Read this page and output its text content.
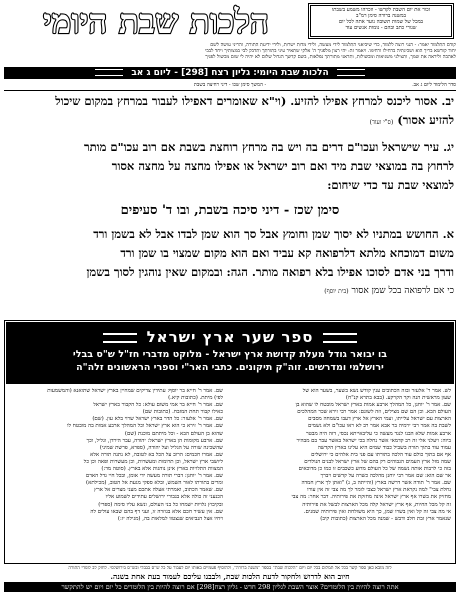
הלכות שבת היומי	זכור את יום השבת לקדשו - וזכרהו משמע בשבתו
במשנה ברורה סימן רמ"ב
במכל של שמות תשובה נוער אתה לכל יום
שגורי כתב ובהם - נומות אנשים עוד
קודם התלמוד יאמר: - הנני רוצה ללמוד, כדי שיביאני התלמוד לידי מעשה, ולידי מדות ישרות, ולידי ידיעת התורה, והריני עושה לשם
יחוד קודשא בריך הוא ושכינתיה בדחילו ורחימו. ויאמר זה: יהי רצון מלפניך ה' אלקי שתאיר עיני בתורתך ותדבק לבי במצותיך ויחד לבבי
לאהבה וליראה את שמך, ותצילני משגיאות ומכשולות, ותראני מתורתך נפלאות, בשם קדשך הגדול שלום לא יהיה לי שום מכשול לפניך
הלכות שבת היומי: גליון רצח [298] - ליום ג אב
סדר הלימוד ליום ג אב.
- המשך סימן שכו - דיני רחיצה בשבת
יב. אסור ליכנס למרחץ אפילו להזיע. (וי"א שאומרים דאפילו לעבור במרחץ במקום שיכול
להזיע אסור) (ס"י ועוד)
יג. עיר שישראל ועכו"ם דרים בה ויש בה מרחץ רוחצת בשבת אם רוב עכו"ם מותר
לרחוץ בה במוצאי שבת מיד ואם רוב ישראל או אפילו מחצה על מחצה אסור
למוצאי שבת עד כדי שיחום:
סימן שכז - דיני סיכה בשבת, ובו ד' סעיפים
א. החושש במתניו לא יסוך שמן וחומץ אבל סך הוא שמן לבדו אבל לא בשמן ורד
משום דמוכחא מלתא דלרפואה קא עביד ואם הוא מקום שמצוי בו שמן ורד
ודרך בני אדם לסוכו אפילו בלא רפואה מותר. הגה: ובמקום שאין נוהגין לסוך בשמן
כי אם לרפואה בכל שמן אסור (בית יוסף)
ספר שער ארץ ישראל
בו יבואר גודל מעלת קדושת ארץ ישראל - מלוקט מדברי חז"ל ש"ס בבלי
ירושלמי ומדרשים. זוה"ק תיקונים. כתבי האר"י וספרי הראשונים זלה"ה
לש. אמר ר' אלעזר ובזה הכתובים ענין קודש נשא בשער, בשער הוא של
שעון מראשית הנה וקר הקרקע. (בבא בתרא קנ"ח)
שם. אמר ר' יוחנן, כל המהלך ארבע אמות בארץ ישראל מובטח לו שהוא בן
העולם הבא. וכן הם שם מצילים, וזה לשונם: אמר רבי זירא שכר המהלכים
הארצות עם ישראל עלייתו, ועמי הארץ אל ארץ דעבו בשמחה מסבים
לשבת בה אמר רבי ירמיה בר אבא אמר רב לא ראו עכו"ם ולא גשמים
ארבע אמות שלא הבנו לנגד מעשה כי עליבאייתא נכסי, דזה היה מבטר
ביוה: ויעלני אלי זה רב קדמאי אשר נחלה בכי ישראל באשר עבר בם מבהיר
עמוד עוד בתוך תורה בשביל כבוד שמים היא עלינו בארץ הקדשה
אף אם בתוך כולם עוד הלכה בתורתו עם פני בית אלהים כי ירושלים
שמה מזל ארץ העמים הגבוהים רק בהם של ארץ ישראל לבנים הנולדים
בזה כי לרבות אותה נשמה של כל העולם מדוע כשכבים זו כמו כן מדוכאים
אר שם הוא: שם אמר רבי יוחנן מהלכה כשרה על קדשים ויברך
שם. אמר ר' תודה אשר דרשה בארץ (והייתה ב, נ) "ואתן לך ארץ חמדה
נחלת צבי" למה נקראת ארץ ישראל כצבי לומר לך מה צבי זה אין עורו
מחזיק את בשרו אף ארץ ישראל אינה מחזקת את פירותיה. דבר אחר: מה צבי
זה קל מכל החיות, אף ארץ ישראל קלה מכל הארצות לבשל את פירותיה
אי מה צבי זה קל ואין בשרו שמן, כך היא משולחת ואין פירותיה שמנים.
שנאמר ארץ זבת חלב ודבש - שמנה מכל הארצות (כתובות קיב)
שם. אמר ר' חייא בר יוסף: עתידין צדיקים שמחיין בארץ ישראל שתואנא (והמשמעות
לפי) מיתת. (כתובות קיא.)
שם. אמר ר' חייא בר אמי משום עולא: כל הקבור בארץ ישראל
כאילו קבור תחת המזבח. (כתובות שם)
שם. אמר ר' אלעזר: כל הדר בארץ ישראל שרוי בלא עון. (שם)
שם. אמר ר' זירא כי הוא ארץ ישראל וכל המהלך ארבע אמות בה מובטח לו
שהוא בן העולם הבא - וכל מיתתם מוכנת (שם)
שם. ארבע מקומות הן בארץ ישראל: יהודה, עבר הירדן, וגליל, וכך
שהשכינה שורה על הגליל ועל יהודה, (ספרא, פרשת שמיני)
שם. אמרו חכמים: הרוב על הכל בא לטובה, לא נתנה תורה אלא
ליושבי ארץ ישראל, וכן תרומות ומעשרות, וכן מעשרות ופאה וכן כל
המצוות התלויות בארץ אינן נוהגות אלא בארץ. (סוטה מד:)
שם. אמר ר' יוחנן: דברי תורה מעשה ידי אומן, ובכל חיי גדל האדם
ומרים בתורתו לאור השמש, ובלא ספקי מגעת אל הטוב, (מכילתא)
שם. שאמר הכתוב, ואמרתי אעלה אתכם מעני מצרים אל ארץ
הכנעני זה כולה אלא בגבורי ירושלים עתידים לשמוע אליו
ובקיבוץ גלויות ישמחו כל בני העולם, ונשא עליו סימה (ספרי)
שם. אין עשיר חכם אלא בגוזרה זו, ועני דף בהם שבאו עולים לה
ויחיו אצל הנביאים שנצטוו למלאות בה, (מגילה יז:)
לזה מובא כאן ספר קשר בכל אל תמלום בכל יום ויום "הלכות שבת" בספר "משנה ברורה", ולהוסיף פעמיים באותו יום לעבור על כל ש"ס בבבלי ובש"ס בירושלמי. לחזק לב לומדי התורה
חיוב הוא לדרוש ולחקור לדעת הלכות שבת, ולבבנו עליכם לעמוד בעת אחת בשנה.
אתה רוצה להיות בין הלומדים? אוצר השבת לגליון 298 חדש - גליון רצח[298] אם רוצה להיות בין הלומדים כל יום ויום יש להתקשר
